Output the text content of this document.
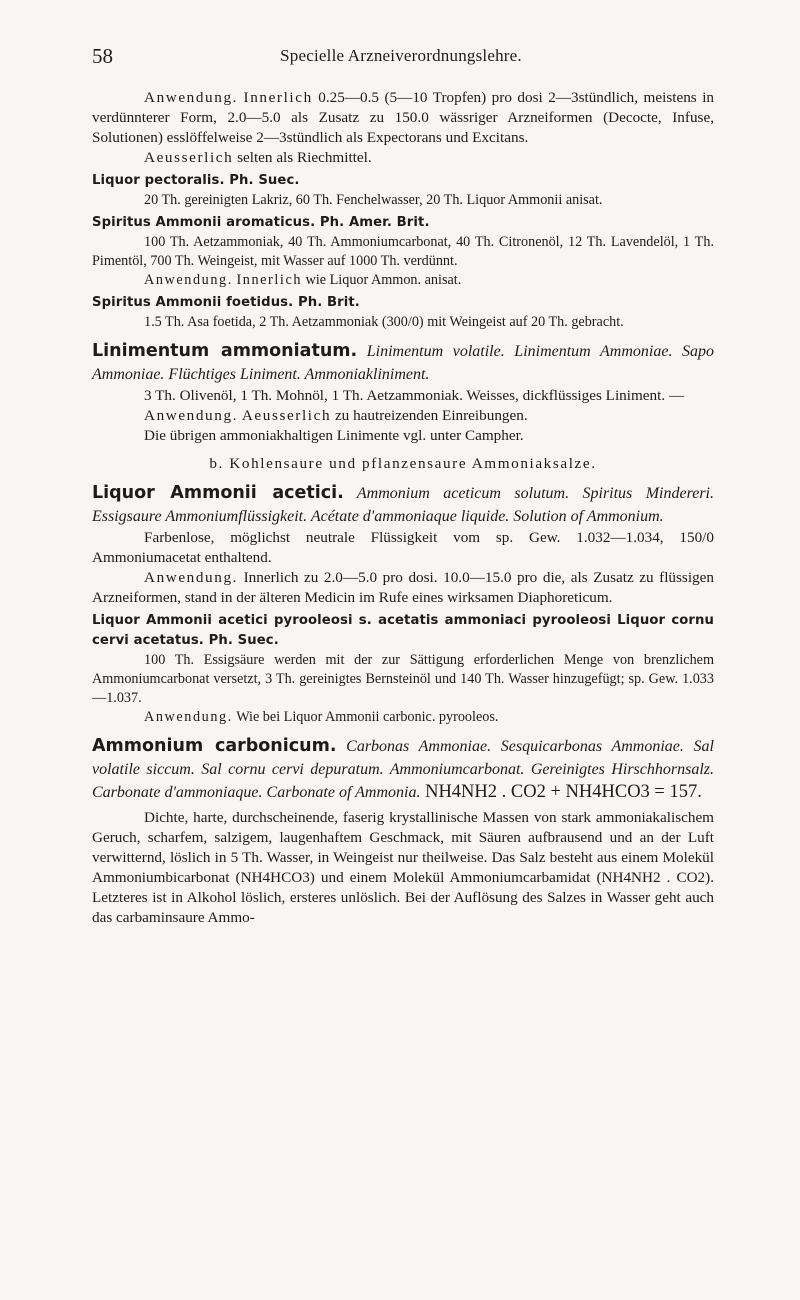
58	Specielle Arzneiverordnungslehre.

Anwendung. Innerlich 0.25—0.5 (5—10 Tropfen) pro dosi 2—3stündlich, meistens in verdünnterer Form, 2.0—5.0 als Zusatz zu 150.0 wässriger Arzneiformen (Decocte, Infuse, Solutionen) esslöffelweise 2—3stündlich als Expectorans und Excitans.

Aeusserlich selten als Riechmittel.

Liquor pectoralis. Ph. Suec.

20 Th. gereinigten Lakriz, 60 Th. Fenchelwasser, 20 Th. Liquor Ammonii anisat.

Spiritus Ammonii aromaticus. Ph. Amer. Brit.

100 Th. Aetzammoniak, 40 Th. Ammoniumcarbonat, 40 Th. Citronenöl, 12 Th. Lavendelöl, 1 Th. Pimentöl, 700 Th. Weingeist, mit Wasser auf 1000 Th. verdünnt.

Anwendung. Innerlich wie Liquor Ammon. anisat.

Spiritus Ammonii foetidus. Ph. Brit.

1.5 Th. Asa foetida, 2 Th. Aetzammoniak (300/0) mit Weingeist auf 20 Th. gebracht.

Linimentum ammoniatum. Linimentum volatile. Linimentum Ammoniae. Sapo Ammoniae. Flüchtiges Liniment. Ammoniakliniment.

3 Th. Olivenöl, 1 Th. Mohnöl, 1 Th. Aetzammoniak. Weisses, dickflüssiges Liniment. —

Anwendung. Aeusserlich zu hautreizenden Einreibungen.

Die übrigen ammoniakhaltigen Linimente vgl. unter Campher.

b. Kohlensaure und pflanzensaure Ammoniaksalze.

Liquor Ammonii acetici. Ammonium aceticum solutum. Spiritus Mindereri. Essigsaure Ammoniumflüssigkeit. Acétate d'ammoniaque liquide. Solution of Ammonium.

Farbenlose, möglichst neutrale Flüssigkeit vom sp. Gew. 1.032—1.034, 150/0 Ammoniumacetat enthaltend.

Anwendung. Innerlich zu 2.0—5.0 pro dosi. 10.0—15.0 pro die, als Zusatz zu flüssigen Arzneiformen, stand in der älteren Medicin im Rufe eines wirksamen Diaphoreticum.

Liquor Ammonii acetici pyrooleosi s. acetatis ammoniaci pyrooleosi Liquor cornu cervi acetatus. Ph. Suec.

100 Th. Essigsäure werden mit der zur Sättigung erforderlichen Menge von brenzlichem Ammoniumcarbonat versetzt, 3 Th. gereinigtes Bernsteinöl und 140 Th. Wasser hinzugefügt; sp. Gew. 1.033—1.037.

Anwendung. Wie bei Liquor Ammonii carbonic. pyrooleos.

Ammonium carbonicum. Carbonas Ammoniae. Sesquicarbonas Ammoniae. Sal volatile siccum. Sal cornu cervi depuratum. Ammoniumcarbonat. Gereinigtes Hirschhornsalz. Carbonate d'ammoniaque. Carbonate of Ammonia. NH4NH2 . CO2 + NH4HCO3 = 157.

Dichte, harte, durchscheinende, faserig krystallinische Massen von stark ammoniakalischem Geruch, scharfem, salzigem, laugenhaftem Geschmack, mit Säuren aufbrausend und an der Luft verwitternd, löslich in 5 Th. Wasser, in Weingeist nur theilweise. Das Salz besteht aus einem Molekül Ammoniumbicarbonat (NH4HCO3) und einem Molekül Ammoniumcarbamidat (NH4NH2 . CO2). Letzteres ist in Alkohol löslich, ersteres unlöslich. Bei der Auflösung des Salzes in Wasser geht auch das carbaminsaure Ammo-
